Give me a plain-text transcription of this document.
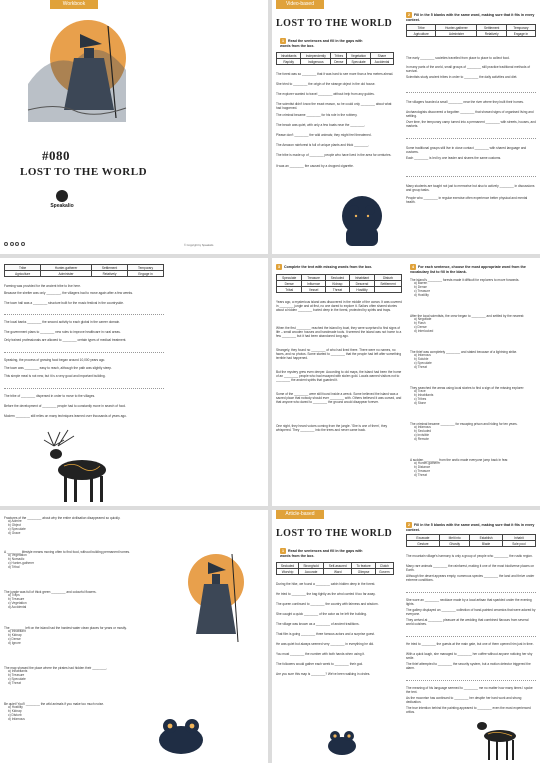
Workbook
#080
LOST TO THE WORLD
Speakalio
© Copyright by Speakalio
Video-based
LOST TO THE WORLD
1 Read the sentences and fill in the gaps with words from the box.
Inhabitants	Independently	Tribes	Vegetation	Share
Rapidly	Indigenous	Dense	Speculate	Accidental
The forest was so ________ that it was hard to see more than a few metres ahead.
She tried to ________ the origin of the strange object in the old house.
The explorer wanted to travel ________ without help from any guides.
The scientist didn't know the exact reason, so he could only ________ about what had happened.
The criminal became ________ for his role in the robbery.
The beach was quiet, with only a few boats near the ________.
Please don't ________ the wild animals; they might feel threatened.
The Amazon rainforest is full of unique plants and thick ________.
The tribe is made up of ________ people who have lived in the area for centuries.
It was an ________ fire caused by a dropped cigarette.
2 Fill in the 5 blanks with the same word, making sure that it fits in every context.
Tribe	Hunter-gatherer	Settlement	Temporary
Agriculture	Administer	Relatively	Engage in
The early ________ societies travelled from place to place to collect food.
In many parts of the world, small groups of ________ still practice traditional methods of survival.
Scientists study ancient tribes in order to ________ the daily activities and diet.
The villagers founded a small ________ near the river where they built their homes.
Archaeologists discovered a forgotten ________ that showed signs of organised living and settling.
Over time, the temporary camp turned into a permanent ________ with streets, houses, and markets.
Some traditional groups still live in close contact ________ with shared language and customs.
Each ________ is led by one leader and shares the same customs.
Many students are taught not just to memorise but also to actively ________ in discussions and group tasks.
People who ________ in regular exercise often experience better physical and mental health.
Tribe	Hunter-gatherer	Settlement	Temporary
Agriculture	Administer	Relatively	Engage in
Farming was provided for the ancient tribe to live here.
Because the shelter was only ________, the villagers had to move again after a few weeks.
The town hall was a ________ structure built for the music festival in the countryside.
The local banks ________ the second activity to each global in the career domain.
The government plans to ________ new rules to improve healthcare in rural areas.
Only trained professionals are allowed to ________ certain types of medical treatment.
Speaking, the process of growing food began around 10,000 years ago.
The town was ________ easy to reach, although the path was slightly steep.
This simple meal is not new, but it is a very good and important building.
The tribe of ________ dispersed in order to move to the villages.
Before the development of ________ people had to constantly move in search of food.
Modern ________ still relies on many techniques learned over thousands of years ago.
3 Complete the text with missing words from the box.
Speculate	Treasure	Secluded	Inhabitant	Disturb
Dense	Influence	Kidnap	Descend	Settlement
Tribal	Vessel	Threat	Hostility	
Years ago, a mysterious island was discovered in the middle of the ocean. It was covered in ________ jungle and at first, no one dared to explore it. Sailors often shared stories about a hidden ________ buried deep in the forest, protected by spirits and traps.
When the first ________ reached the island by boat, they were surprised to find signs of life – small wooden houses and handmade tools. It seemed the island was not home to a few ________ but it had been abandoned long ago.
Strangely, they found no ________ of who had lived there. There were no names, no faces, and no photos. Some started to ________ that the people had left after something terrible had happened.
But the mystery grew even deeper. According to old maps, the island had been the home of an ________ people who had escaped with stolen gold. Locals warned visitors not to ________ the ancient spirits that guarded it.
Some of the ________ were still found inside a wreck. Some believed the island was a sacred place that nobody should ever ________ with. Others believed it was cursed, and that anyone who dared to ________ the ground would disappear forever.
One night, they heard voices coming from the jungle. 'She is one of them', they whispered. They ________ into the trees and never came back.
4 For each sentence, choose the most appropriate word from the vocabulary list to fill in the blank.
The island's ________ forests made it difficult for explorers to move forwards.
a) Barren
b) Dense
c) Treasure
d) Hostility
After the local scientists, the crew began to ________ and settled by the nearest:
a) Negotiate
b) Flash
c) Dense
d) Interlocked
The thief was completely ________ and stated because of a lightning strike.
a) Infamous
b) Soluble
c) Speculate
d) Threat
They searched the areas using local stories to find a sign of the missing explorer:
a) Trace
b) Inhabitants
c) Tribes
d) Stone
The criminal became ________ for escaping prison and hiding for ten years.
a) Infamous
b) Secluded
c) Invisible
d) Remote
A sudden ________ from the arctic made everyone jump back in fear.
a) Hunter-gatherer
b) Distance
c) Treasure
d) Threat
Fractures of the ________ about why the entire civilisation disappeared so quickly.
a) Admire
b) Object
c) Speculate
d) Grace
A ________ lifestyle means moving often to find food, without building permanent homes.
a) Vegetation
b) Nomadic
c) Hunter-gatherer
d) Tribal
The jungle was full of thick green ________ and colourful flowers.
a) Traps
b) Treasure
c) Vegetation
d) Accidental
The ________ left on the island had the hardest water clean places for years or mostly.
a) Inhabitant
b) Kidnap
c) Dense
d) Ignore
The map showed the place where the pirates had hidden their ________.
a) Inhabitants
b) Treasure
c) Speculate
d) Threat
Be quiet! You'll ________ the wild animals if you make too much noise.
a) Hostility
b) Kidnap
c) Disturb
d) Infamous
Article-based
LOST TO THE WORLD
1 Read the sentences and fill in the gaps with words from the box.
Secluded	Stronghold	Self-assured	To feature	Clutch
Worship	Accurate	Ward	Glimpse	Govern
During the hike, we found a ________ cabin hidden deep in the forest.
He tried to ________ the bag tightly as the wind carried it too far away.
The queen continued to ________ the country with fairness and wisdom.
She caught a quick ________ of the actor as he left the building.
The village was known as a ________ of ancient traditions.
That film is going ________ three famous actors and a surprise guest.
He was quiet but always seemed very ________ in everything he did.
You must ________ the number with both hands when using it.
The followers would gather each week to ________ their god.
Are you sure this map is ________? We've been walking in circles.
2 Fill in the 5 blanks with the same word, making sure that it fits in every context.
Excavate	Melt into	Establish	Inhabit
Gesture	Ghostly	Blade	Sole pool
The mountain village's harmony is only a group of people who ________ the rustic region.
Many rare animals ________ the rainforest, making it one of the most biodiverse places on Earth.
Although the desert appears empty, numerous species ________ the land and thrive under extreme conditions.
She wore an ________ necklace made by a local artisan that sparkled under the evening lights.
The gallery displayed an ________ collection of hand-painted ceramics that were adored by everyone.
They arrived at ________ pleasure at the wedding that combined flavours from several world cuisines.
He tried to ________ the guests at the main gate, but one of them opened him just in time.
With a quick laugh, she managed to ________ her coffee without anyone noticing her shy smile.
The thief attempted to ________ the security system, but a motion detector triggered the alarm.
The meaning of his language seemed to ________ me no matter how many times I spoke the text.
As the moonrise has continued to ________ her despite her hard work and strong dedication.
The true intention behind the painting appeared to ________ even the most experienced critics.
